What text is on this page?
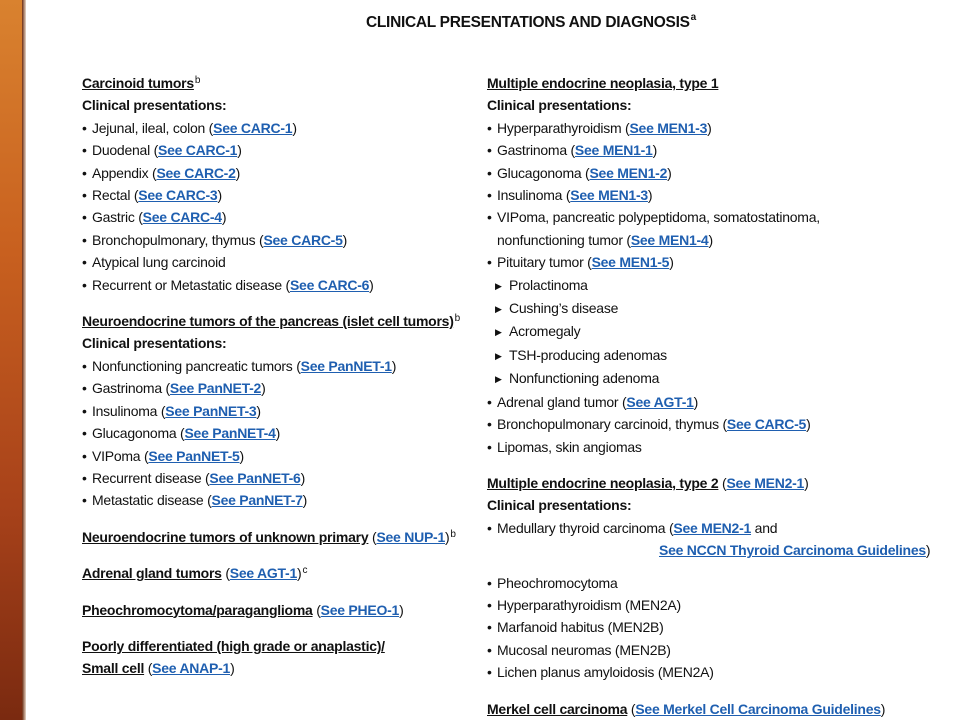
CLINICAL PRESENTATIONS AND DIAGNOSIS$^a$
Carcinoid tumors$^b$
Clinical presentations:
• Jejunal, ileal, colon (See CARC-1)
• Duodenal (See CARC-1)
• Appendix (See CARC-2)
• Rectal (See CARC-3)
• Gastric (See CARC-4)
• Bronchopulmonary, thymus (See CARC-5)
• Atypical lung carcinoid
• Recurrent or Metastatic disease (See CARC-6)
Neuroendocrine tumors of the pancreas (islet cell tumors)$^b$
Clinical presentations:
• Nonfunctioning pancreatic tumors (See PanNET-1)
• Gastrinoma (See PanNET-2)
• Insulinoma (See PanNET-3)
• Glucagonoma (See PanNET-4)
• VIPoma (See PanNET-5)
• Recurrent disease (See PanNET-6)
• Metastatic disease (See PanNET-7)
Neuroendocrine tumors of unknown primary (See NUP-1)$^b$
Adrenal gland tumors (See AGT-1)$^c$
Pheochromocytoma/paraganglioma (See PHEO-1)
Poorly differentiated (high grade or anaplastic)/
Small cell (See ANAP-1)
Multiple endocrine neoplasia, type 1
Clinical presentations:
• Hyperparathyroidism (See MEN1-3)
• Gastrinoma (See MEN1-1)
• Glucagonoma (See MEN1-2)
• Insulinoma (See MEN1-3)
• VIPoma, pancreatic polypeptidoma, somatostatinoma,
nonfunctioning tumor (See MEN1-4)
• Pituitary tumor (See MEN1-5)
▶ Prolactinoma
▶ Cushing’s disease
▶ Acromegaly
▶ TSH-producing adenomas
▶ Nonfunctioning adenoma
• Adrenal gland tumor (See AGT-1)
• Bronchopulmonary carcinoid, thymus (See CARC-5)
• Lipomas, skin angiomas
Multiple endocrine neoplasia, type 2 (See MEN2-1)
Clinical presentations:
• Medullary thyroid carcinoma (See MEN2-1 and
See NCCN Thyroid Carcinoma Guidelines)
• Pheochromocytoma
• Hyperparathyroidism (MEN2A)
• Marfanoid habitus (MEN2B)
• Mucosal neuromas (MEN2B)
• Lichen planus amyloidosis (MEN2A)
Merkel cell carcinoma (See Merkel Cell Carcinoma Guidelines)
